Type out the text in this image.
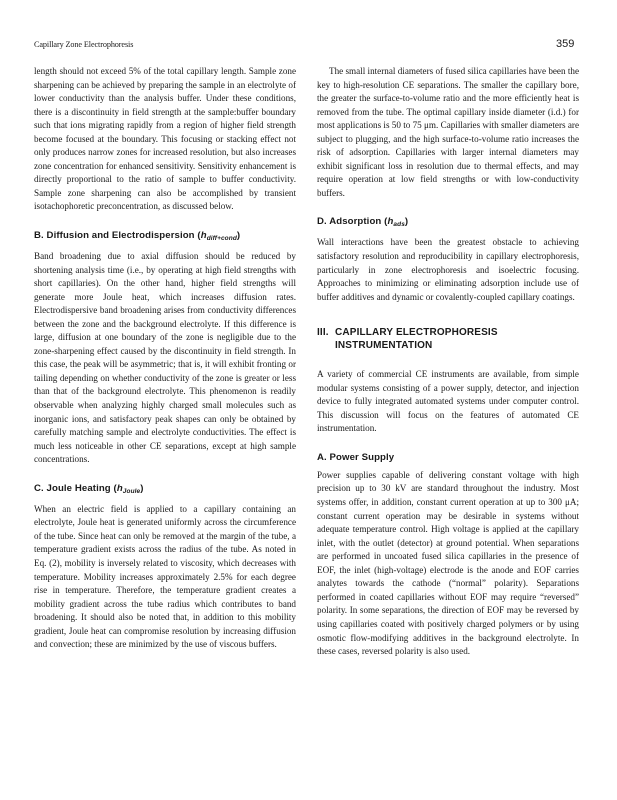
Capillary Zone Electrophoresis	359

length should not exceed 5% of the total capillary length. Sample zone sharpening can be achieved by preparing the sample in an electrolyte of lower conductivity than the analysis buffer. Under these conditions, there is a discontinuity in field strength at the sample:buffer boundary such that ions migrating rapidly from a region of higher field strength become focused at the boundary. This focusing or stacking effect not only produces narrow zones for increased resolution, but also increases zone concentration for enhanced sensitivity. Sensitivity enhancement is directly proportional to the ratio of sample to buffer conductivity. Sample zone sharpening can also be accomplished by transient isotachophoretic preconcentration, as discussed below.

B. Diffusion and Electrodispersion $(h_{diff+cond})$

Band broadening due to axial diffusion should be reduced by shortening analysis time (i.e., by operating at high field strengths with short capillaries). On the other hand, higher field strengths will generate more Joule heat, which increases diffusion rates. Electrodispersive band broadening arises from conductivity differences between the zone and the background electrolyte. If this difference is large, diffusion at one boundary of the zone is negligible due to the zone-sharpening effect caused by the discontinuity in field strength. In this case, the peak will be asymmetric; that is, it will exhibit fronting or tailing depending on whether conductivity of the zone is greater or less than that of the background electrolyte. This phenomenon is readily observable when analyzing highly charged small molecules such as inorganic ions, and satisfactory peak shapes can only be obtained by carefully matching sample and electrolyte conductivities. The effect is much less noticeable in other CE separations, except at high sample concentrations.

C. Joule Heating $(h_{Joule})$

When an electric field is applied to a capillary containing an electrolyte, Joule heat is generated uniformly across the circumference of the tube. Since heat can only be removed at the margin of the tube, a temperature gradient exists across the radius of the tube. As noted in Eq. (2), mobility is inversely related to viscosity, which decreases with temperature. Mobility increases approximately 2.5% for each degree rise in temperature. Therefore, the temperature gradient creates a mobility gradient across the tube radius which contributes to band broadening. It should also be noted that, in addition to this mobility gradient, Joule heat can compromise resolution by increasing diffusion and convection; these are minimized by the use of viscous buffers.

The small internal diameters of fused silica capillaries have been the key to high-resolution CE separations. The smaller the capillary bore, the greater the surface-to-volume ratio and the more efficiently heat is removed from the tube. The optimal capillary inside diameter (i.d.) for most applications is 50 to 75 μm. Capillaries with smaller diameters are subject to plugging, and the high surface-to-volume ratio increases the risk of adsorption. Capillaries with larger internal diameters may exhibit significant loss in resolution due to thermal effects, and may require operation at low field strengths or with low-conductivity buffers.

D. Adsorption $(h_{ads})$

Wall interactions have been the greatest obstacle to achieving satisfactory resolution and reproducibility in capillary electrophoresis, particularly in zone electrophoresis and isoelectric focusing. Approaches to minimizing or eliminating adsorption include use of buffer additives and dynamic or covalently-coupled capillary coatings.

III. CAPILLARY ELECTROPHORESIS INSTRUMENTATION

A variety of commercial CE instruments are available, from simple modular systems consisting of a power supply, detector, and injection device to fully integrated automated systems under computer control. This discussion will focus on the features of automated CE instrumentation.

A. Power Supply

Power supplies capable of delivering constant voltage with high precision up to 30 kV are standard throughout the industry. Most systems offer, in addition, constant current operation at up to 300 μA; constant current operation may be desirable in systems without adequate temperature control. High voltage is applied at the capillary inlet, with the outlet (detector) at ground potential. When separations are performed in uncoated fused silica capillaries in the presence of EOF, the inlet (high-voltage) electrode is the anode and EOF carries analytes towards the cathode (“normal” polarity). Separations performed in coated capillaries without EOF may require “reversed” polarity. In some separations, the direction of EOF may be reversed by using capillaries coated with positively charged polymers or by using osmotic flow-modifying additives in the background electrolyte. In these cases, reversed polarity is also used.
